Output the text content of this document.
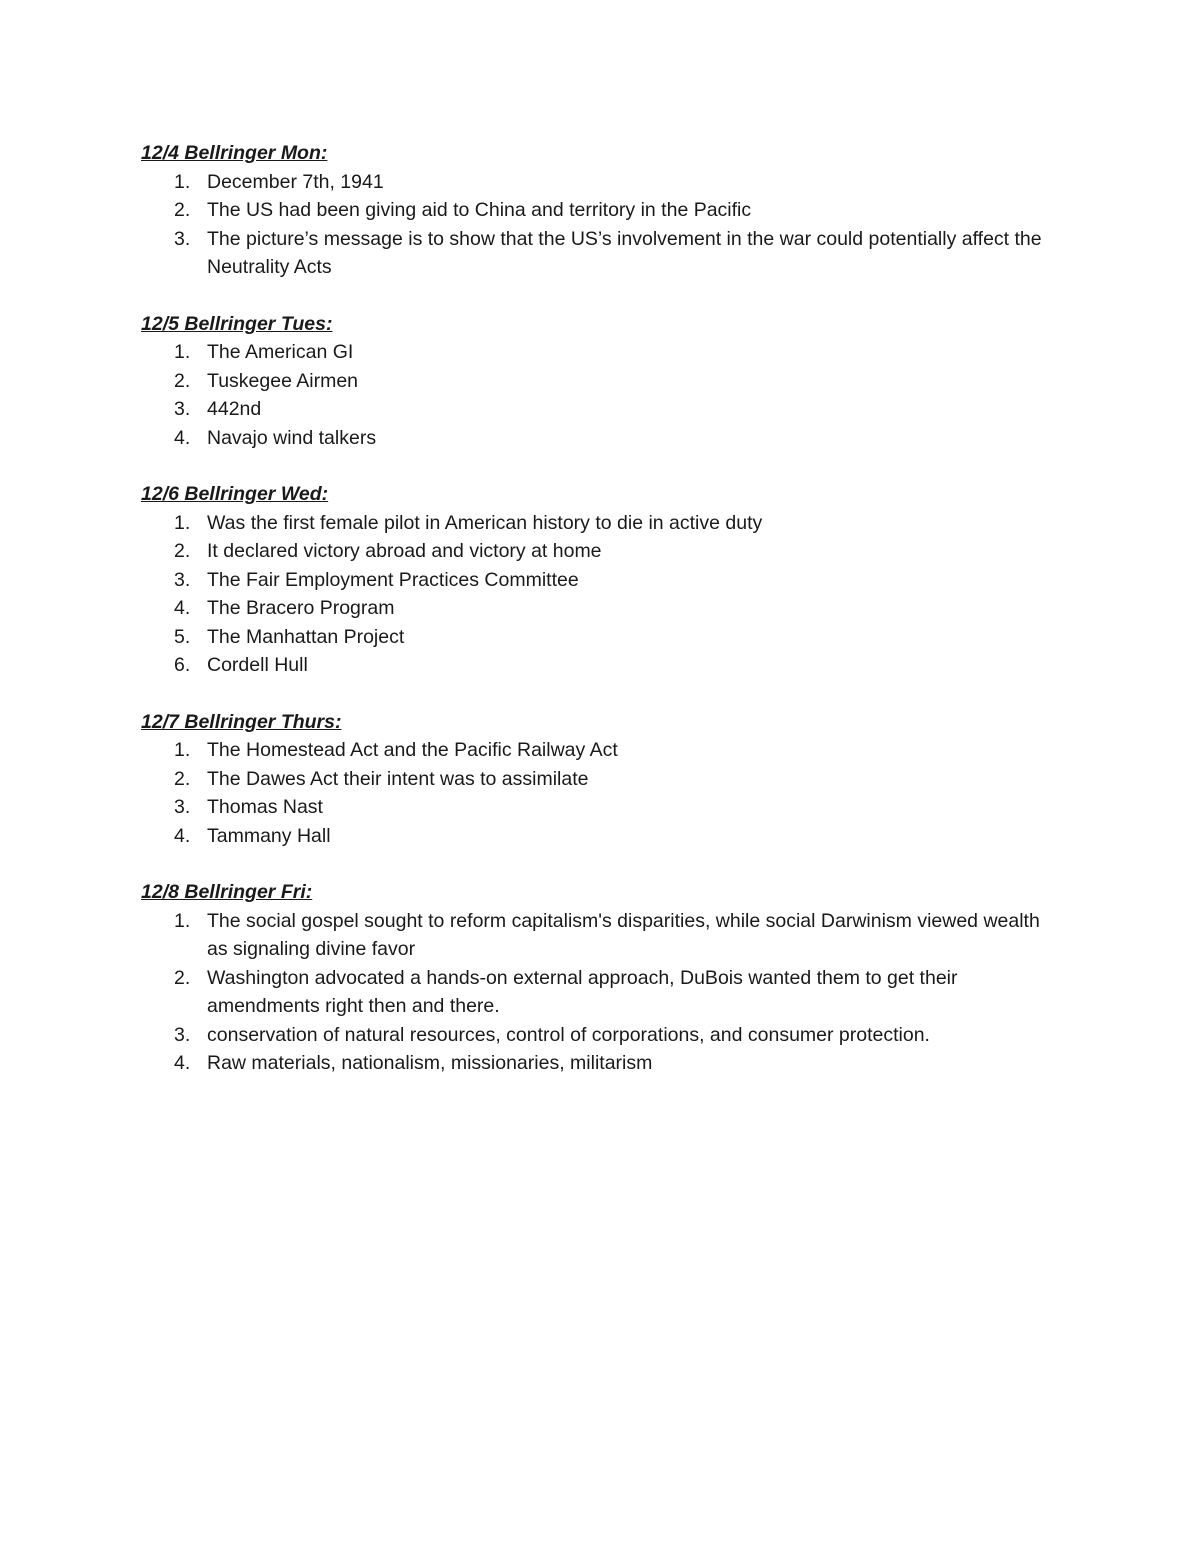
12/4 Bellringer Mon:
1. December 7th, 1941
2. The US had been giving aid to China and territory in the Pacific
3. The picture’s message is to show that the US’s involvement in the war could potentially affect the Neutrality Acts
12/5 Bellringer Tues:
1. The American GI
2. Tuskegee Airmen
3. 442nd
4. Navajo wind talkers
12/6 Bellringer Wed:
1. Was the first female pilot in American history to die in active duty
2. It declared victory abroad and victory at home
3. The Fair Employment Practices Committee
4. The Bracero Program
5. The Manhattan Project
6. Cordell Hull
12/7 Bellringer Thurs:
1. The Homestead Act and the Pacific Railway Act
2. The Dawes Act their intent was to assimilate
3. Thomas Nast
4. Tammany Hall
12/8 Bellringer Fri:
1. The social gospel sought to reform capitalism's disparities, while social Darwinism viewed wealth as signaling divine favor
2. Washington advocated a hands-on external approach, DuBois wanted them to get their amendments right then and there.
3. conservation of natural resources, control of corporations, and consumer protection.
4. Raw materials, nationalism, missionaries, militarism
